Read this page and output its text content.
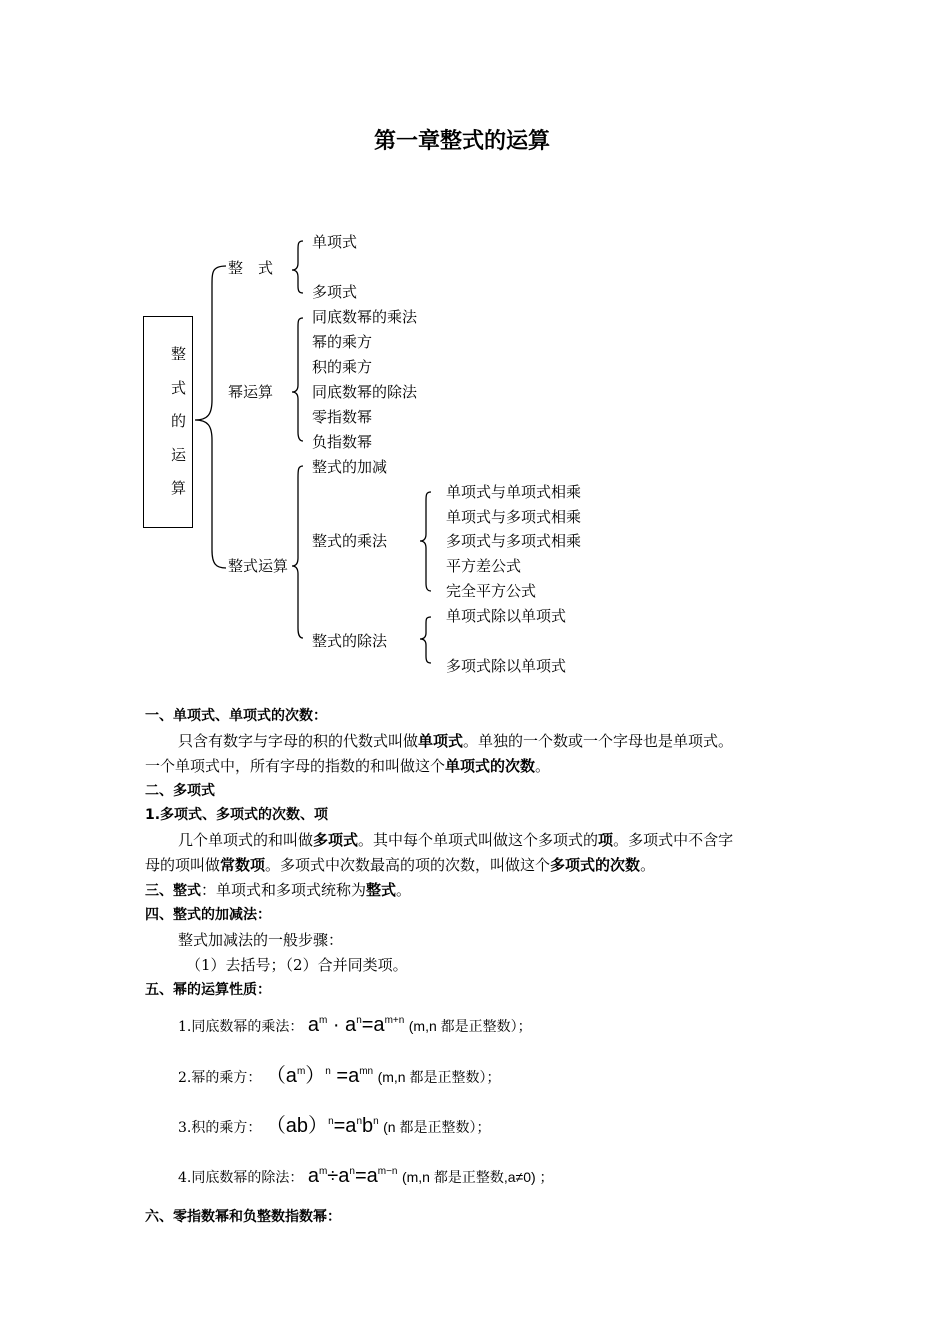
第一章整式的运算
整
式
的
运
算
整　式
单项式
多项式
幂运算
同底数幂的乘法
幂的乘方
积的乘方
同底数幂的除法
零指数幂
负指数幂
整式运算
整式的加减
整式的乘法
整式的除法
单项式与单项式相乘
单项式与多项式相乘
多项式与多项式相乘
平方差公式
完全平方公式
单项式除以单项式
多项式除以单项式
一、单项式、单项式的次数：
只含有数字与字母的积的代数式叫做单项式。单独的一个数或一个字母也是单项式。
一个单项式中，所有字母的指数的和叫做这个单项式的次数。
二、多项式
1.多项式、多项式的次数、项
几个单项式的和叫做多项式。其中每个单项式叫做这个多项式的项。多项式中不含字
母的项叫做常数项。多项式中次数最高的项的次数，叫做这个多项式的次数。
三、整式：单项式和多项式统称为整式。
四、整式的加减法：
整式加减法的一般步骤：
（1）去括号；（2）合并同类项。
五、幂的运算性质：
1.同底数幂的乘法： $a^m \cdot a^n=a^{m+n}$ (m,n 都是正整数）；
2.幂的乘方： $(a^m)^n =a^{mn}$ (m,n 都是正整数）；
3.积的乘方： $(ab)^n=a^nb^n$ (n 都是正整数）；
4.同底数幂的除法： $a^m\div a^n=a^{m-n}$ (m,n 都是正整数,a≠0) ；
六、零指数幂和负整数指数幂：
